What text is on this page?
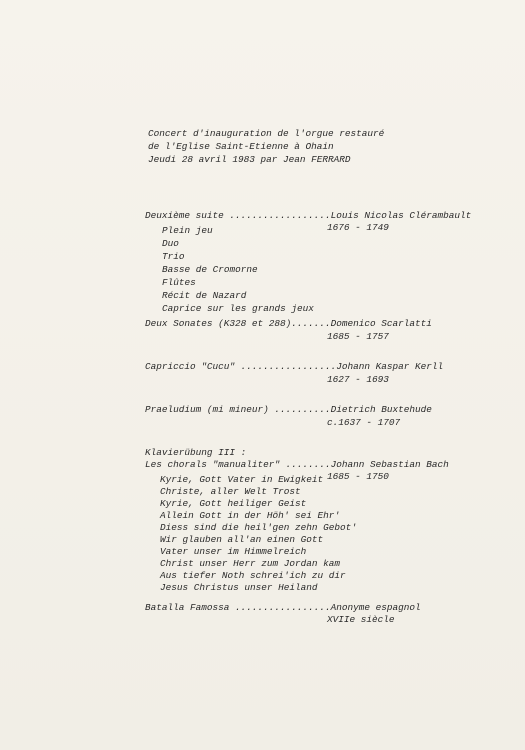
Concert d'inauguration de l'orgue restauré
de l'Eglise Saint-Etienne à Ohain
Jeudi 28 avril 1983 par Jean FERRARD
Deuxième suite ..................Louis Nicolas Clérambault
1676 - 1749
Plein jeu
Duo
Trio
Basse de Cromorne
Flûtes
Récit de Nazard
Caprice sur les grands jeux
Deux Sonates (K328 et 288).......Domenico Scarlatti
1685 - 1757
Capriccio "Cucu" .................Johann Kaspar Kerll
1627 - 1693
Praeludium (mi mineur) ..........Dietrich Buxtehude
c.1637 - 1707
Klavierübung III :
Les chorals "manualiter" ........Johann Sebastian Bach
1685 - 1750
Kyrie, Gott Vater in Ewigkeit
Christe, aller Welt Trost
Kyrie, Gott heiliger Geist
Allein Gott in der Höh' sei Ehr'
Diess sind die heil'gen zehn Gebot'
Wir glauben all'an einen Gott
Vater unser im Himmelreich
Christ unser Herr zum Jordan kam
Aus tiefer Noth schrei'ich zu dir
Jesus Christus unser Heiland
Batalla Famossa .................Anonyme espagnol
XVIIe siècle
